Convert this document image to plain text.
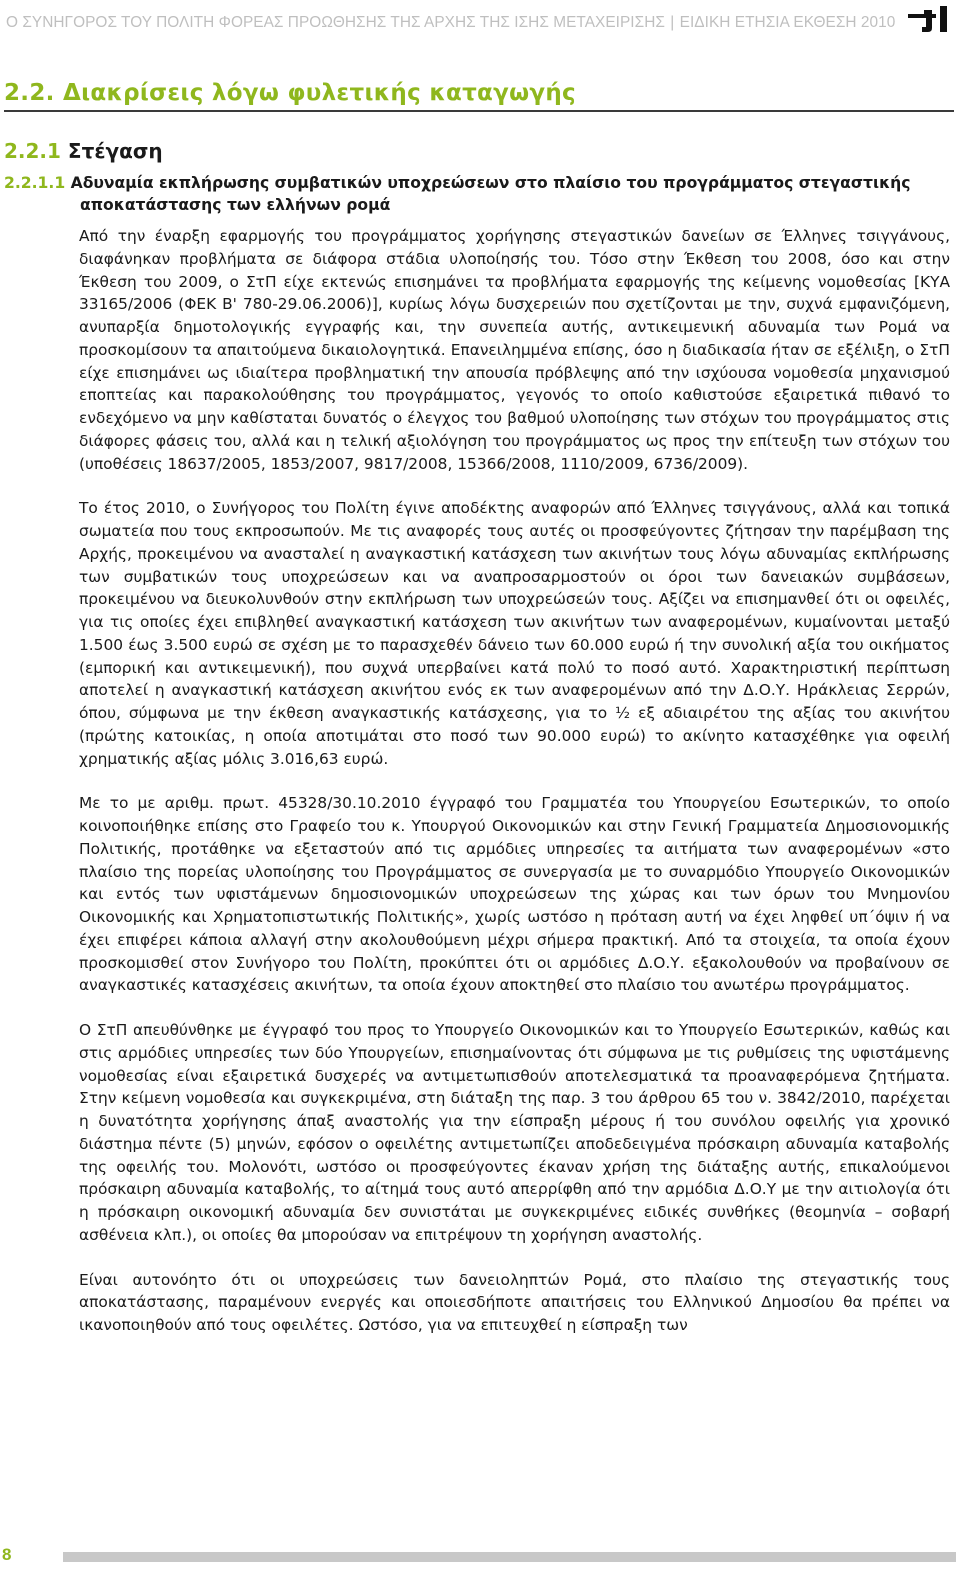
Ο ΣΥΝΗΓΟΡΟΣ ΤΟΥ ΠΟΛΙΤΗ ΦΟΡΕΑΣ ΠΡΟΩΘΗΣΗΣ ΤΗΣ ΑΡΧΗΣ ΤΗΣ ΙΣΗΣ ΜΕΤΑΧΕΙΡΙΣΗΣ | ΕΙΔΙΚΗ ΕΤΗΣΙΑ ΕΚΘΕΣΗ 2010
2.2. Διακρίσεις λόγω φυλετικής καταγωγής
2.2.1 Στέγαση
2.2.1.1 Αδυναμία εκπλήρωσης συμβατικών υποχρεώσεων στο πλαίσιο του προγράμματος στεγαστικής
αποκατάστασης των ελλήνων ρομά

Από την έναρξη εφαρμογής του προγράμματος χορήγησης στεγαστικών δανείων σε Έλληνες τσιγγάνους, διαφάνηκαν προβλήματα σε διάφορα στάδια υλοποίησής του. Τόσο στην Έκθεση του 2008, όσο και στην Έκθεση του 2009, ο ΣτΠ είχε εκτενώς επισημάνει τα προβλήματα εφαρμογής της κείμενης νομοθεσίας [ΚΥΑ 33165/2006 (ΦΕΚ Β' 780-29.06.2006)], κυρίως λόγω δυσχερειών που σχετίζονται με την, συχνά εμφανιζόμενη, ανυπαρξία δημοτολογικής εγγραφής και, την συνεπεία αυτής, αντικειμενική αδυναμία των Ρομά να προσκομίσουν τα απαιτούμενα δικαιολογητικά. Επανειλημμένα επίσης, όσο η διαδικασία ήταν σε εξέλιξη, ο ΣτΠ είχε επισημάνει ως ιδιαίτερα προβληματική την απουσία πρόβλεψης από την ισχύουσα νομοθεσία μηχανισμού εποπτείας και παρακολούθησης του προγράμματος, γεγονός το οποίο καθιστούσε εξαιρετικά πιθανό το ενδεχόμενο να μην καθίσταται δυνατός ο έλεγχος του βαθμού υλοποίησης των στόχων του προγράμματος στις διάφορες φάσεις του, αλλά και η τελική αξιολόγηση του προγράμματος ως προς την επίτευξη των στόχων του (υποθέσεις 18637/2005, 1853/2007, 9817/2008, 15366/2008, 1110/2009, 6736/2009).

Το έτος 2010, ο Συνήγορος του Πολίτη έγινε αποδέκτης αναφορών από Έλληνες τσιγγάνους, αλλά και τοπικά σωματεία που τους εκπροσωπούν. Με τις αναφορές τους αυτές οι προσφεύγοντες ζήτησαν την παρέμβαση της Αρχής, προκειμένου να ανασταλεί η αναγκαστική κατάσχεση των ακινήτων τους λόγω αδυναμίας εκπλήρωσης των συμβατικών τους υποχρεώσεων και να αναπροσαρμοστούν οι όροι των δανειακών συμβάσεων, προκειμένου να διευκολυνθούν στην εκπλήρωση των υποχρεώσεών τους. Αξίζει να επισημανθεί ότι οι οφειλές, για τις οποίες έχει επιβληθεί αναγκαστική κατάσχεση των ακινήτων των αναφερομένων, κυμαίνονται μεταξύ 1.500 έως 3.500 ευρώ σε σχέση με το παρασχεθέν δάνειο των 60.000 ευρώ ή την συνολική αξία του οικήματος (εμπορική και αντικειμενική), που συχνά υπερβαίνει κατά πολύ το ποσό αυτό. Χαρακτηριστική περίπτωση αποτελεί η αναγκαστική κατάσχεση ακινήτου ενός εκ των αναφερομένων από την Δ.Ο.Υ. Ηράκλειας Σερρών, όπου, σύμφωνα με την έκθεση αναγκαστικής κατάσχεσης, για το ½ εξ αδιαιρέτου της αξίας του ακινήτου (πρώτης κατοικίας, η οποία αποτιμάται στο ποσό των 90.000 ευρώ) το ακίνητο κατασχέθηκε για οφειλή χρηματικής αξίας μόλις 3.016,63 ευρώ.

Με το με αριθμ. πρωτ. 45328/30.10.2010 έγγραφό του Γραμματέα του Υπουργείου Εσωτερικών, το οποίο κοινοποιήθηκε επίσης στο Γραφείο του κ. Υπουργού Οικονομικών και στην Γενική Γραμματεία Δημοσιονομικής Πολιτικής, προτάθηκε να εξεταστούν από τις αρμόδιες υπηρεσίες τα αιτήματα των αναφερομένων «στο πλαίσιο της πορείας υλοποίησης του Προγράμματος σε συνεργασία με το συναρμόδιο Υπουργείο Οικονομικών και εντός των υφιστάμενων δημοσιονομικών υποχρεώσεων της χώρας και των όρων του Μνημονίου Οικονομικής και Χρηματοπιστωτικής Πολιτικής», χωρίς ωστόσο η πρόταση αυτή να έχει ληφθεί υπ΄όψιν ή να έχει επιφέρει κάποια αλλαγή στην ακολουθούμενη μέχρι σήμερα πρακτική. Από τα στοιχεία, τα οποία έχουν προσκομισθεί στον Συνήγορο του Πολίτη, προκύπτει ότι οι αρμόδιες Δ.Ο.Υ. εξακολουθούν να προβαίνουν σε αναγκαστικές κατασχέσεις ακινήτων, τα οποία έχουν αποκτηθεί στο πλαίσιο του ανωτέρω προγράμματος.

Ο ΣτΠ απευθύνθηκε με έγγραφό του προς το Υπουργείο Οικονομικών και το Υπουργείο Εσωτερικών, καθώς και στις αρμόδιες υπηρεσίες των δύο Υπουργείων, επισημαίνοντας ότι σύμφωνα με τις ρυθμίσεις της υφιστάμενης νομοθεσίας είναι εξαιρετικά δυσχερές να αντιμετωπισθούν αποτελεσματικά τα προαναφερόμενα ζητήματα. Στην κείμενη νομοθεσία και συγκεκριμένα, στη διάταξη της παρ. 3 του άρθρου 65 του ν. 3842/2010, παρέχεται η δυνατότητα χορήγησης άπαξ αναστολής για την είσπραξη μέρους ή του συνόλου οφειλής για χρονικό διάστημα πέντε (5) μηνών, εφόσον ο οφειλέτης αντιμετωπίζει αποδεδειγμένα πρόσκαιρη αδυναμία καταβολής της οφειλής του. Μολονότι, ωστόσο οι προσφεύγοντες έκαναν χρήση της διάταξης αυτής, επικαλούμενοι πρόσκαιρη αδυναμία καταβολής, το αίτημά τους αυτό απερρίφθη από την αρμόδια Δ.Ο.Υ με την αιτιολογία ότι η πρόσκαιρη οικονομική αδυναμία δεν συνιστάται με συγκεκριμένες ειδικές συνθήκες (θεομηνία – σοβαρή ασθένεια κλπ.), οι οποίες θα μπορούσαν να επιτρέψουν τη χορήγηση αναστολής.

Είναι αυτονόητο ότι οι υποχρεώσεις των δανειοληπτών Ρομά, στο πλαίσιο της στεγαστικής τους αποκατάστασης, παραμένουν ενεργές και οποιεσδήποτε απαιτήσεις του Ελληνικού Δημοσίου θα πρέπει να ικανοποιηθούν από τους οφειλέτες. Ωστόσο, για να επιτευχθεί η είσπραξη των

8
